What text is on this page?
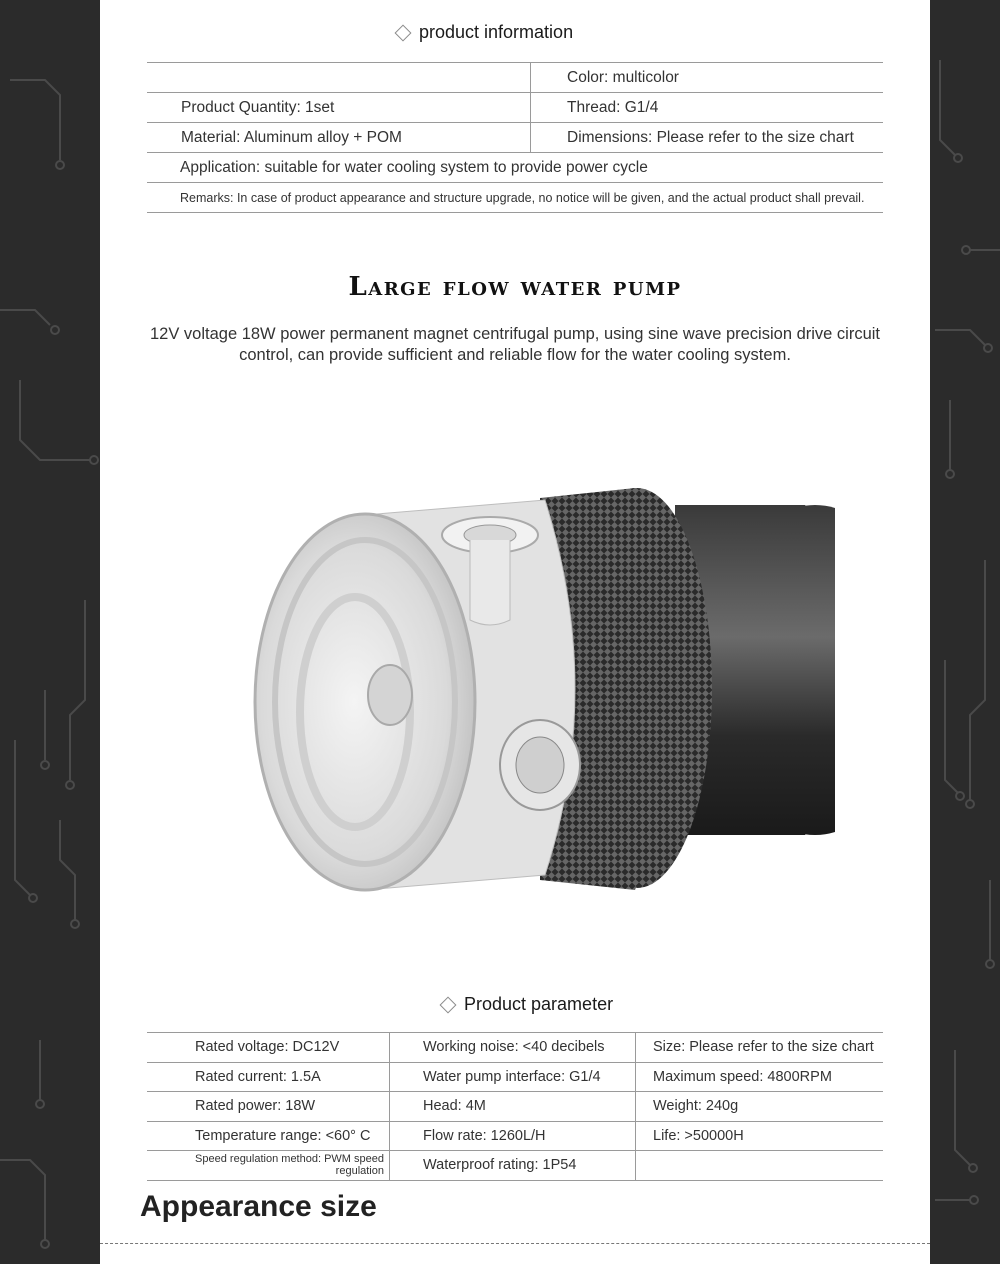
product information
	Color: multicolor
Product Quantity: 1set	Thread: G1/4
Material: Aluminum alloy + POM	Dimensions: Please refer to the size chart
Application: suitable for water cooling system to provide power cycle	
Remarks: In case of product appearance and structure upgrade, no notice will be given, and the actual product shall prevail.	
Large flow water pump
12V voltage 18W power permanent magnet centrifugal pump, using sine wave precision drive circuit control, can provide sufficient and reliable flow for the water cooling system.
Product parameter
Rated voltage: DC12V	Working noise: <40 decibels	Size: Please refer to the size chart
Rated current: 1.5A	Water pump interface: G1/4	Maximum speed: 4800RPM
Rated power: 18W	Head: 4M	Weight: 240g
Temperature range: <60° C	Flow rate: 1260L/H	Life: >50000H
Speed regulation method: PWM speed regulation	Waterproof rating: 1P54	
Appearance size
